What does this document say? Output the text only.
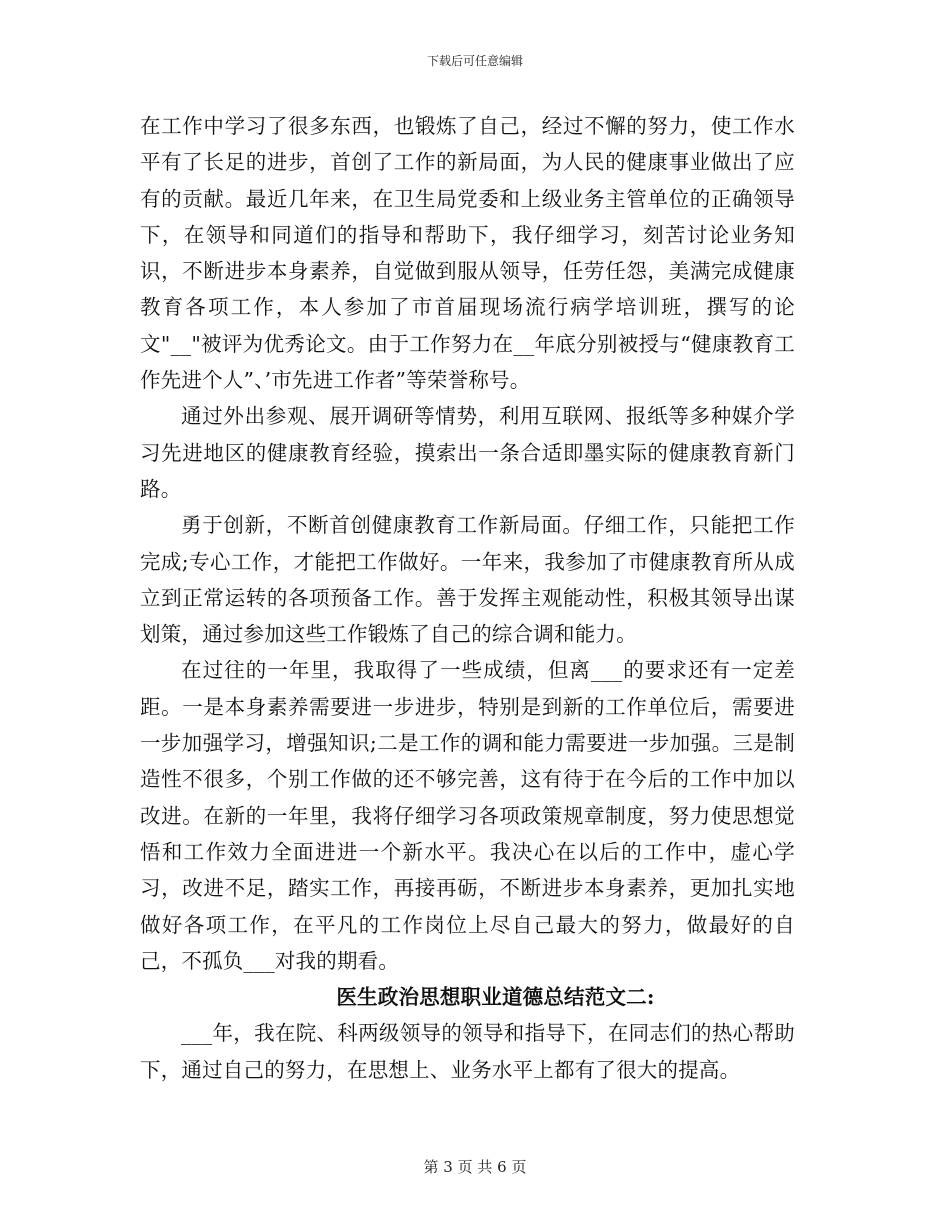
下载后可任意编辑

在工作中学习了很多东西，也锻炼了自己，经过不懈的努力，使工作水平有了长足的进步，首创了工作的新局面，为人民的健康事业做出了应有的贡献。最近几年来，在卫生局党委和上级业务主管单位的正确领导下，在领导和同道们的指导和帮助下，我仔细学习，刻苦讨论业务知识，不断进步本身素养，自觉做到服从领导，任劳任怨，美满完成健康教育各项工作，本人参加了市首届现场流行病学培训班，撰写的论文"__"被评为优秀论文。由于工作努力在__年底分别被授与“健康教育工作先进个人”、’市先进工作者”等荣誉称号。

通过外出参观、展开调研等情势，利用互联网、报纸等多种媒介学习先进地区的健康教育经验，摸索出一条合适即墨实际的健康教育新门路。

勇于创新，不断首创健康教育工作新局面。仔细工作，只能把工作完成;专心工作，才能把工作做好。一年来，我参加了市健康教育所从成立到正常运转的各项预备工作。善于发挥主观能动性，积极其领导出谋划策，通过参加这些工作锻炼了自己的综合调和能力。

在过往的一年里，我取得了一些成绩，但离___的要求还有一定差距。一是本身素养需要进一步进步，特别是到新的工作单位后，需要进一步加强学习，增强知识;二是工作的调和能力需要进一步加强。三是制造性不很多，个别工作做的还不够完善，这有待于在今后的工作中加以改进。在新的一年里，我将仔细学习各项政策规章制度，努力使思想觉悟和工作效力全面进进一个新水平。我决心在以后的工作中，虚心学习，改进不足，踏实工作，再接再砺，不断进步本身素养，更加扎实地做好各项工作，在平凡的工作岗位上尽自己最大的努力，做最好的自己，不孤负___对我的期看。

医生政治思想职业道德总结范文二:

___年，我在院、科两级领导的领导和指导下，在同志们的热心帮助下，通过自己的努力，在思想上、业务水平上都有了很大的提高。

第 3 页 共 6 页
